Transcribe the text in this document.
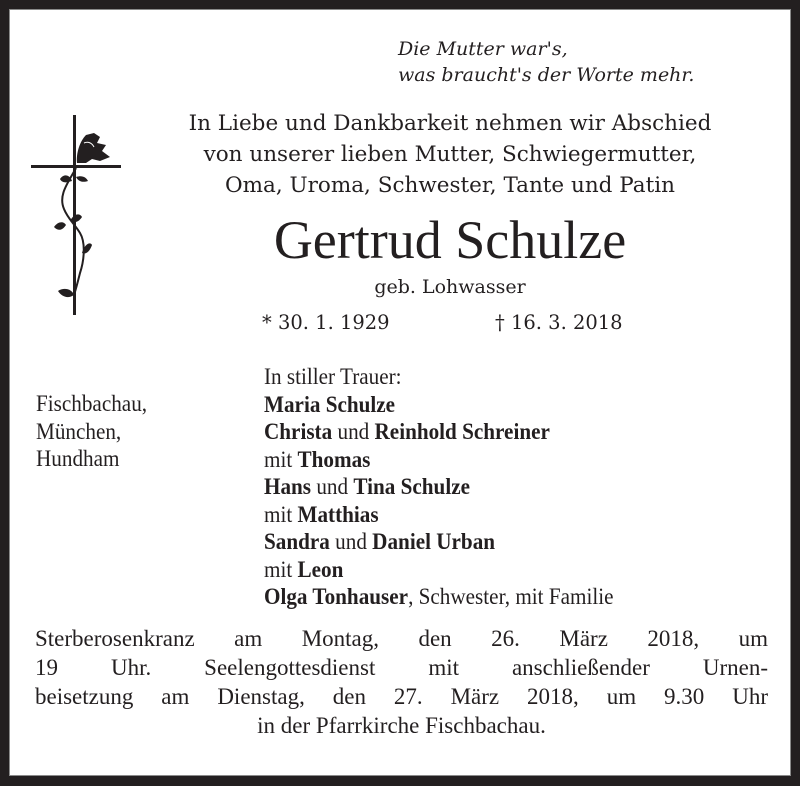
Die Mutter war's,
was braucht's der Worte mehr.
In Liebe und Dankbarkeit nehmen wir Abschied
von unserer lieben Mutter, Schwiegermutter,
Oma, Uroma, Schwester, Tante und Patin
Gertrud Schulze
geb. Lohwasser
* 30. 1. 1929	† 16. 3. 2018
Fischbachau,
München,
Hundham
In stiller Trauer:
Maria Schulze
Christa und Reinhold Schreiner
mit Thomas
Hans und Tina Schulze
mit Matthias
Sandra und Daniel Urban
mit Leon
Olga Tonhauser, Schwester, mit Familie
Sterberosenkranz am Montag, den 26. März 2018, um
19 Uhr. Seelengottesdienst mit anschließender Urnen-
beisetzung am Dienstag, den 27. März 2018, um 9.30 Uhr
in der Pfarrkirche Fischbachau.
